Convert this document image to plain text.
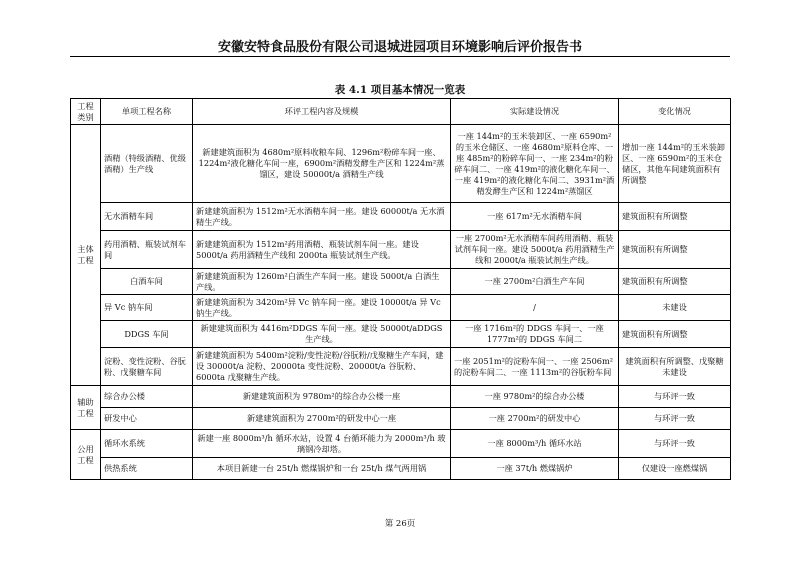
安徽安特食品股份有限公司退城进园项目环境影响后评价报告书
表 4.1 项目基本情况一览表
工程类别	单项工程名称	环评工程内容及规模	实际建设情况	变化情况
主体工程	酒精（特级酒精、优级酒精）生产线	新建建筑面积为 4680m²原料收粮车间、1296m²粉碎车间一座、1224m²液化糖化车间一座，6900m²酒精发酵生产区和 1224m²蒸馏区，建设 50000t/a 酒精生产线	一座 144m²的玉米装卸区、一座 6590m²的玉米仓储区、一座 4680m²原料仓库、一座 485m²的粉碎车间一、一座 234m²的粉碎车间二、一座 419m²的液化糖化车间一、一座 419m²的液化糖化车间二、3931m²酒精发酵生产区和 1224m²蒸馏区	增加一座 144m²的玉米装卸区、一座 6590m²的玉米仓储区，其他车间建筑面积有所调整
	无水酒精车间	新建建筑面积为 1512m²无水酒精车间一座。建设 60000t/a 无水酒精生产线。	一座 617m²无水酒精车间	建筑面积有所调整
	药用酒精、瓶装试剂车间	新建建筑面积为 1512m²药用酒精、瓶装试剂车间一座。建设 5000t/a 药用酒精生产线和 2000ta 瓶装试剂生产线。	一座 2700m²无水酒精车间药用酒精、瓶装试剂车间一座。建设 5000t/a 药用酒精生产线和 2000t/a 瓶装试剂生产线。	建筑面积有所调整
	白酒车间	新建建筑面积为 1260m²白酒生产车间一座。建设 5000t/a 白酒生产线。	一座 2700m²白酒生产车间	建筑面积有所调整
	异 Vc 钠车间	新建建筑面积为 3420m²异 Vc 钠车间一座。建设 10000t/a 异 Vc 钠生产线。	/	未建设
	DDGS 车间	新建建筑面积为 4416m²DDGS 车间一座。建设 50000t/aDDGS 生产线。	一座 1716m²的 DDGS 车间一、一座 1777m²的 DDGS 车间二	建筑面积有所调整
	淀粉、变性淀粉、谷朊粉、戊聚糖车间	新建建筑面积为 5400m²淀粉/变性淀粉/谷朊粉/戊聚糖生产车间，建设 30000t/a 淀粉、20000ta 变性淀粉、20000t/a 谷朊粉、6000ta 戊聚糖生产线。	一座 2051m²的淀粉车间一、一座 2506m²的淀粉车间二、一座 1113m²的谷朊粉车间	建筑面积有所调整、戊聚糖未建设
辅助工程	综合办公楼	新建建筑面积为 9780m²的综合办公楼一座	一座 9780m²的综合办公楼	与环评一致
	研发中心	新建建筑面积为 2700m²的研发中心一座	一座 2700m²的研发中心	与环评一致
公用工程	循环水系统	新建一座 8000m³/h 循环水站，设置 4 台循环能力为 2000m³/h 玻璃钢冷却塔。	一座 8000m³/h 循环水站	与环评一致
	供热系统	本项目新建一台 25t/h 燃煤锅炉和一台 25t/h 煤气两用锅	一座 37t/h 燃煤锅炉	仅建设一座燃煤锅
第 26页
